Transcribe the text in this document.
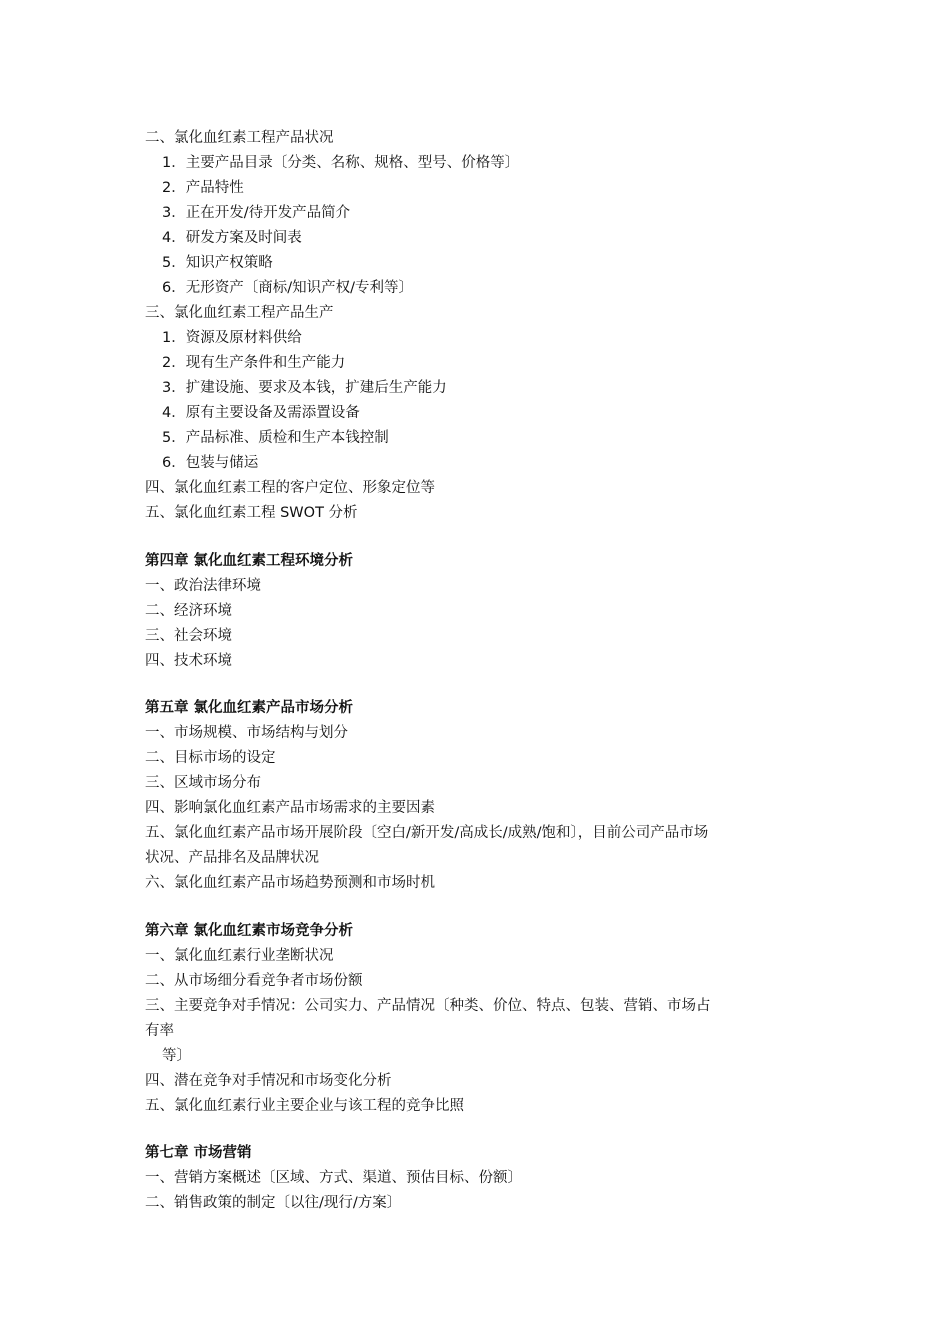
二、氯化血红素工程产品状况

1．主要产品目录〔分类、名称、规格、型号、价格等〕

2．产品特性

3．正在开发/待开发产品简介

4．研发方案及时间表

5．知识产权策略

6．无形资产〔商标/知识产权/专利等〕

三、氯化血红素工程产品生产

1．资源及原材料供给

2．现有生产条件和生产能力

3．扩建设施、要求及本钱，扩建后生产能力

4．原有主要设备及需添置设备

5．产品标准、质检和生产本钱控制

6．包装与储运

四、氯化血红素工程的客户定位、形象定位等

五、氯化血红素工程 SWOT 分析

第四章 氯化血红素工程环境分析

一、政治法律环境

二、经济环境

三、社会环境

四、技术环境

第五章 氯化血红素产品市场分析

一、市场规模、市场结构与划分

二、目标市场的设定

三、区域市场分布

四、影响氯化血红素产品市场需求的主要因素

五、氯化血红素产品市场开展阶段〔空白/新开发/高成长/成熟/饱和〕，目前公司产品市场

状况、产品排名及品牌状况

六、氯化血红素产品市场趋势预测和市场时机

第六章 氯化血红素市场竞争分析

一、氯化血红素行业垄断状况

二、从市场细分看竞争者市场份额

三、主要竞争对手情况：公司实力、产品情况〔种类、价位、特点、包装、营销、市场占

有率

等〕

四、潜在竞争对手情况和市场变化分析

五、氯化血红素行业主要企业与该工程的竞争比照

第七章 市场营销

一、营销方案概述〔区域、方式、渠道、预估目标、份额〕

二、销售政策的制定〔以往/现行/方案〕
